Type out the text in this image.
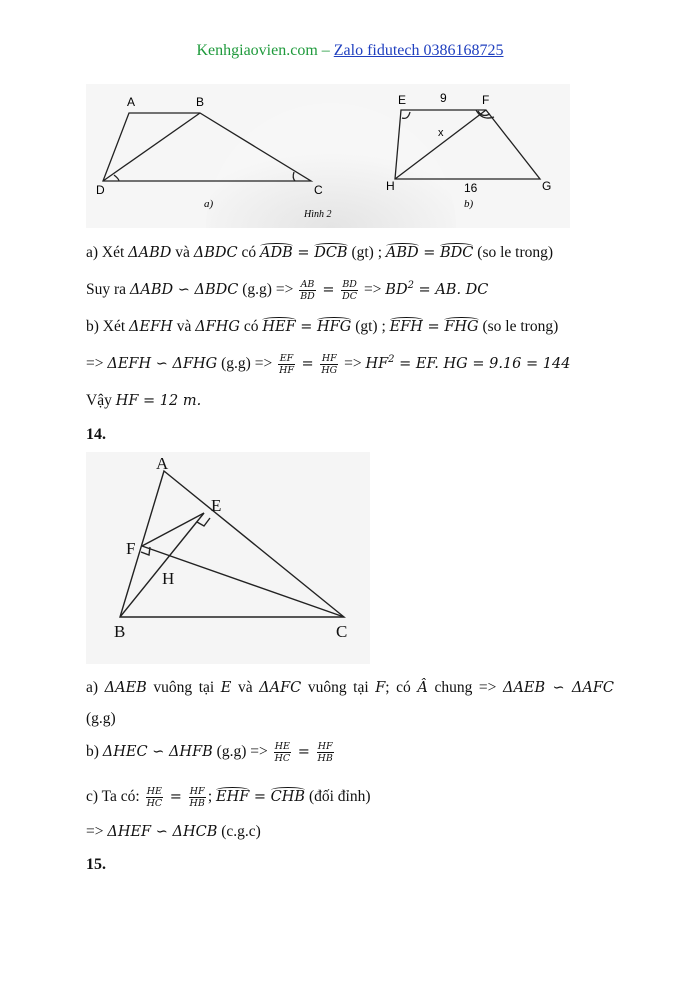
Kenhgiaovien.com – Zalo fidutech 0386168725
A	B
C
D
a)
Hình 2
E	F
G
H
9
x
16
b)
a) Xét ΔABD và ΔBDC có ADB = DCB (gt) ; ABD = BDC (so le trong)
Suy ra ΔABD ∽ ΔBDC $(g.g) => \frac{AB}{BD} = \frac{BD}{DC} => BD^2$ = AB. DC
b) Xét ΔEFH và ΔFHG có HEF = HFG (gt) ; EFH = FHG (so le trong)
=> ΔEFH ∽ ΔFHG $(g.g) => \frac{EF}{HF} = \frac{HF}{HG} => HF^2$ = EF. HG = 9.16 = 144
Vậy HF = 12 m.
14.
A
E
F
H
B	C
a) ΔAEB vuông tại E và ΔAFC vuông tại F; có Â chung => ΔAEB ∽ ΔAFC
(g.g)
b) ΔHEC ∽ ΔHFB $(g.g) => \frac{HE}{HC} = \frac{HF}{HB}$
c) Ta có: $\frac{HE}{HC} = \frac{HF}{HB}$ ; EHF = CHB (đối đỉnh)
=> ΔHEF ∽ ΔHCB (c.g.c)
15.
